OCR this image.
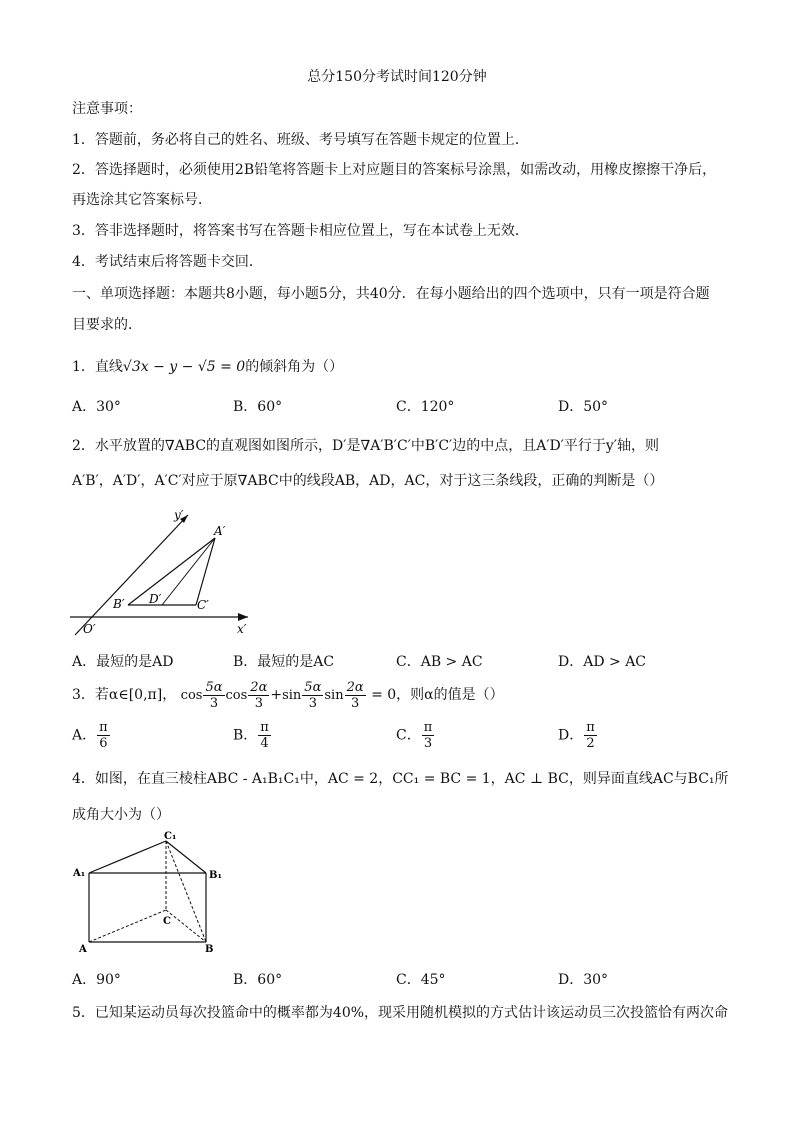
总分150分考试时间120分钟
注意事项：
1．答题前，务必将自己的姓名、班级、考号填写在答题卡规定的位置上．
2．答选择题时，必须使用2B铅笔将答题卡上对应题目的答案标号涂黑，如需改动，用橡皮擦擦干净后，
再选涂其它答案标号．
3．答非选择题时，将答案书写在答题卡相应位置上，写在本试卷上无效．
4．考试结束后将答题卡交回．
一、单项选择题：本题共8小题，每小题5分，共40分．在每小题给出的四个选项中，只有一项是符合题
目要求的．
1．直线√3x − y − √5 = 0的倾斜角为（）
A．30°	B．60°	C．120°	D．50°
2．水平放置的∇ABC的直观图如图所示，D′是∇A′B′C′中B′C′边的中点，且A′D′平行于y′轴，则
A′B′，A′D′，A′C′对应于原∇ABC中的线段AB，AD，AC，对于这三条线段，正确的判断是（）
y′
x′
O′
A′
B′	C′
D′
A．最短的是AD	B．最短的是AC	C．AB > AC	D．AD > AC
3．若α∈[0,π]， $\cos \frac{5\alpha}{3}$ $\cos \frac{2\alpha}{3} +\sin \frac{5\alpha}{3}$ $\sin \frac{2\alpha}{3} = 0$，则α的值是（）
A． $\frac{\pi}{6}$	B． $\frac{\pi}{4}$	C． $\frac{\pi}{3}$	D． $\frac{\pi}{2}$
4．如图，在直三棱柱ABC - A₁B₁C₁中，AC = 2，CC₁ = BC = 1，AC ⊥ BC，则异面直线AC与BC₁所
成角大小为（）
C₁
A₁	B₁
A	B
C
A．90°	B．60°	C．45°	D．30°
5．已知某运动员每次投篮命中的概率都为40%，现采用随机模拟的方式估计该运动员三次投篮恰有两次命
